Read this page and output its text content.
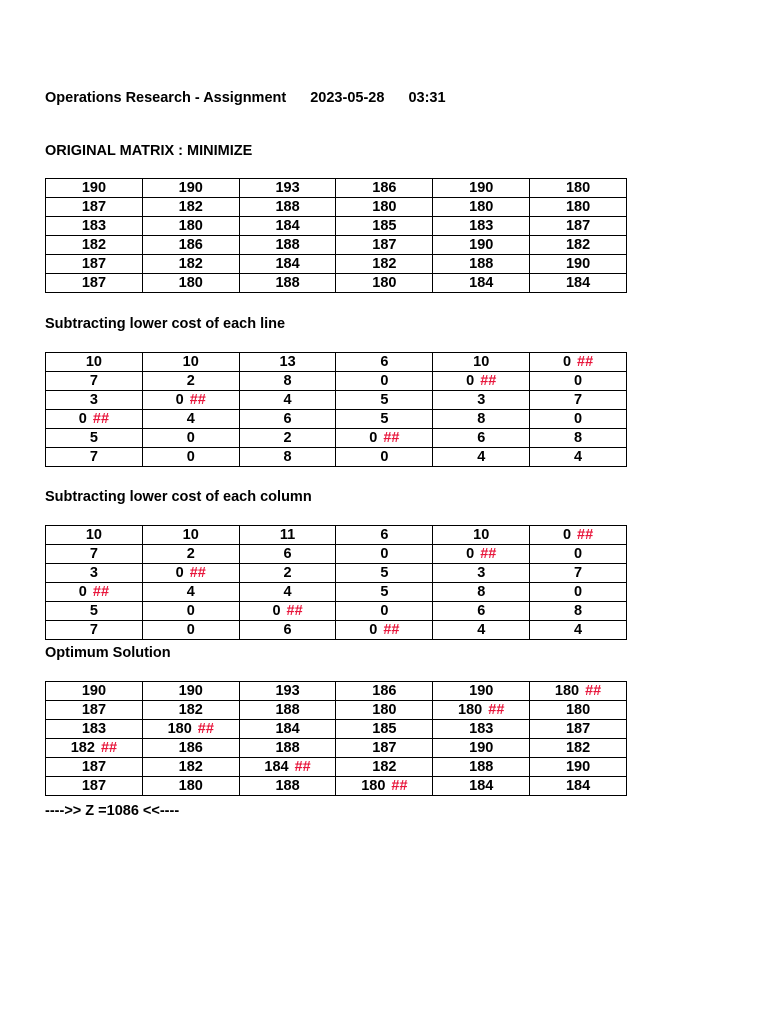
Operations Research - Assignment 2023-05-28 03:31
ORIGINAL MATRIX : MINIMIZE
190	190	193	186	190	180
187	182	188	180	180	180
183	180	184	185	183	187
182	186	188	187	190	182
187	182	184	182	188	190
187	180	188	180	184	184
Subtracting lower cost of each line
10	10	13	6	10	0 ##
7	2	8	0	0 ##	0
3	0 ##	4	5	3	7
0 ##	4	6	5	8	0
5	0	2	0 ##	6	8
7	0	8	0	4	4
Subtracting lower cost of each column
10	10	11	6	10	0 ##
7	2	6	0	0 ##	0
3	0 ##	2	5	3	7
0 ##	4	4	5	8	0
5	0	0 ##	0	6	8
7	0	6	0 ##	4	4
Optimum Solution
190	190	193	186	190	180 ##
187	182	188	180	180 ##	180
183	180 ##	184	185	183	187
182 ##	186	188	187	190	182
187	182	184 ##	182	188	190
187	180	188	180 ##	184	184
---->> Z =1086 <<----
